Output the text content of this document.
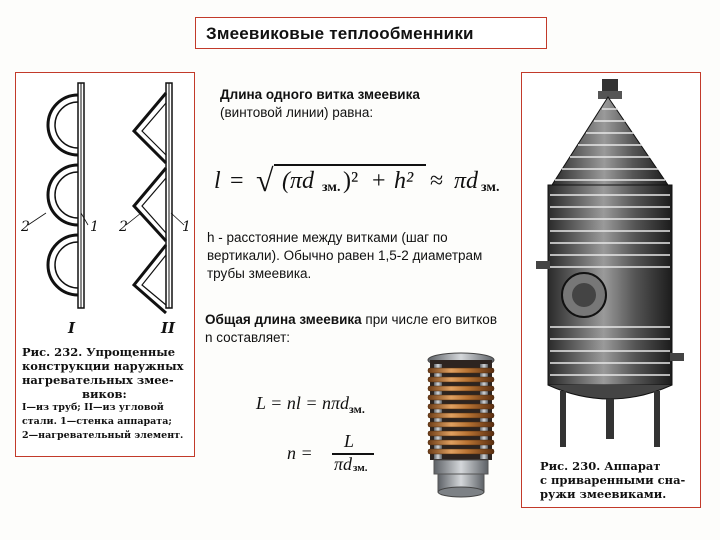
Змеевиковые теплообменники
2	1 2	1
I	II
Рис. 232. Упрощенные
конструкции наружных
нагревательных змее-
виков:
I—из труб; II—из угловой
стали. 1—стенка аппарата;
2—нагревательный элемент.
Длина одного витка змеевика
(винтовой линии) равна:
l = √ (πd зм. )² + h² ≈ πd зм.
h - расстояние между витками (шаг по вертикали). Обычно равен 1,5-2 диаметрам трубы змеевика.
Общая длина змеевика при числе его витков n составляет:
L = nl = nπd$_{зм.}$
n =
L
πd зм.	Рис. 230. Аппарат
с приваренными сна-
ружи змеевиками.
